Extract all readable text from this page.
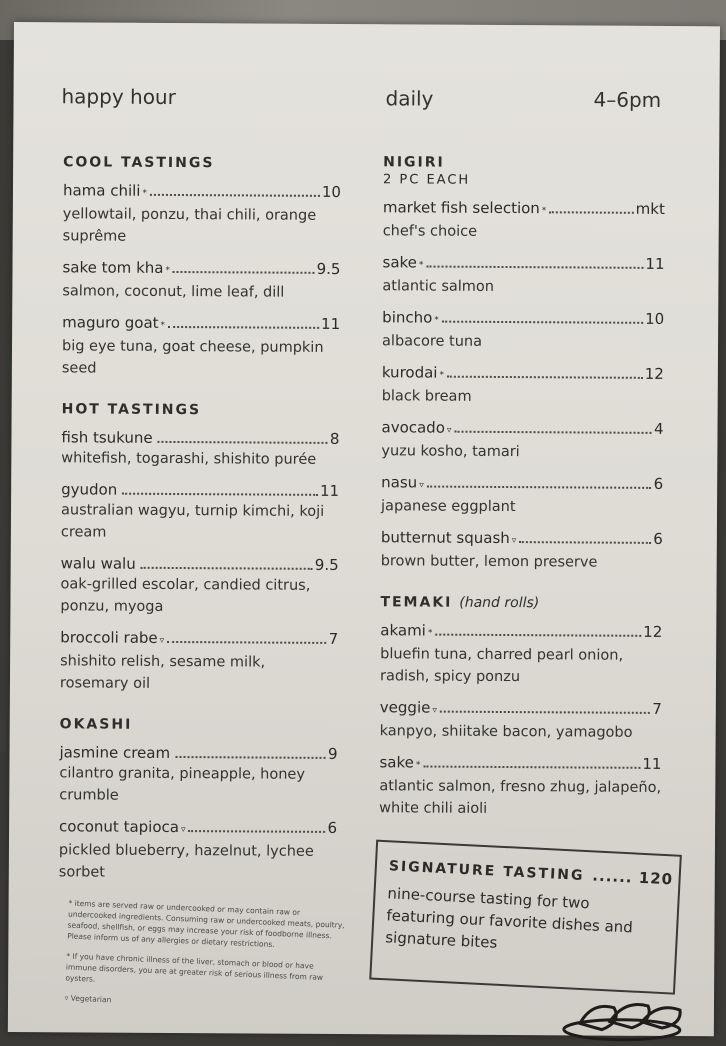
happy hour	daily	4–6pm
COOL TASTINGS
hama chili *	10
yellowtail, ponzu, thai chili, orange suprême
sake tom kha *	9.5
salmon, coconut, lime leaf, dill
maguro goat *	11
big eye tuna, goat cheese, pumpkin seed
HOT TASTINGS
fish tsukune	8
whitefish, togarashi, shishito purée
gyudon	11
australian wagyu, turnip kimchi, koji cream
walu walu	9.5
oak-grilled escolar, candied citrus, ponzu, myoga
broccoli rabe ▿	7
shishito relish, sesame milk, rosemary oil
OKASHI
jasmine cream	9
cilantro granita, pineapple, honey crumble
coconut tapioca ▿	6
pickled blueberry, hazelnut, lychee sorbet
NIGIRI
2 PC EACH
market fish selection *	mkt
chef's choice
sake *	11
atlantic salmon
bincho *	10
albacore tuna
kurodai *	12
black bream
avocado ▿	4
yuzu kosho, tamari
nasu ▿	6
japanese eggplant
butternut squash ▿	6
brown butter, lemon preserve
TEMAKI (hand rolls)
akami *	12
bluefin tuna, charred pearl onion, radish, spicy ponzu
veggie ▿	7
kanpyo, shiitake bacon, yamagobo
sake *	11
atlantic salmon, fresno zhug, jalapeño, white chili aioli

* items are served raw or undercooked or may contain raw or undercooked ingredients. Consuming raw or undercooked meats, poultry, seafood, shellfish, or eggs may increase your risk of foodborne illness. Please inform us of any allergies or dietary restrictions.

* If you have chronic illness of the liver, stomach or blood or have immune disorders, you are at greater risk of serious illness from raw oysters.

▿ Vegetarian

SIGNATURE TASTING ...... 120
nine-course tasting for two featuring our favorite dishes and signature bites
